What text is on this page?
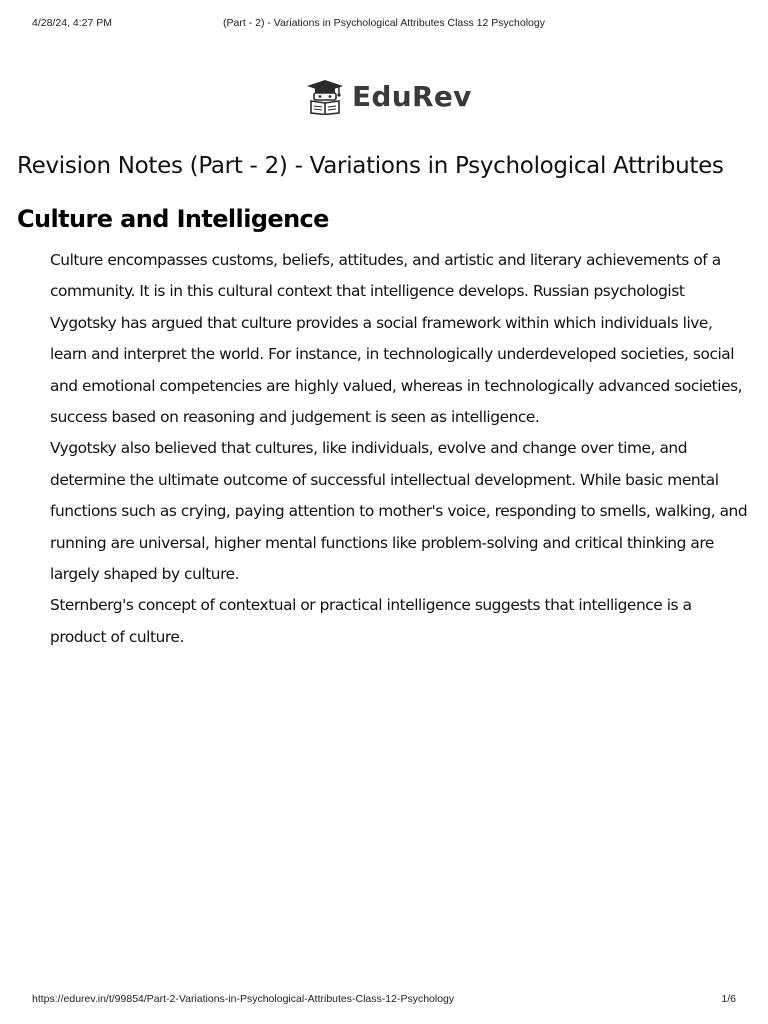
4/28/24, 4:27 PM	(Part - 2) - Variations in Psychological Attributes Class 12 Psychology
EduRev
Revision Notes (Part - 2) - Variations in Psychological Attributes
Culture and Intelligence

Culture encompasses customs, beliefs, attitudes, and artistic and literary achievements of a community. It is in this cultural context that intelligence develops. Russian psychologist Vygotsky has argued that culture provides a social framework within which individuals live, learn and interpret the world. For instance, in technologically underdeveloped societies, social and emotional competencies are highly valued, whereas in technologically advanced societies, success based on reasoning and judgement is seen as intelligence.

Vygotsky also believed that cultures, like individuals, evolve and change over time, and determine the ultimate outcome of successful intellectual development. While basic mental functions such as crying, paying attention to mother's voice, responding to smells, walking, and running are universal, higher mental functions like problem-solving and critical thinking are largely shaped by culture.

Sternberg's concept of contextual or practical intelligence suggests that intelligence is a product of culture.

https://edurev.in/t/99854/Part-2-Variations-in-Psychological-Attributes-Class-12-Psychology	1/6
